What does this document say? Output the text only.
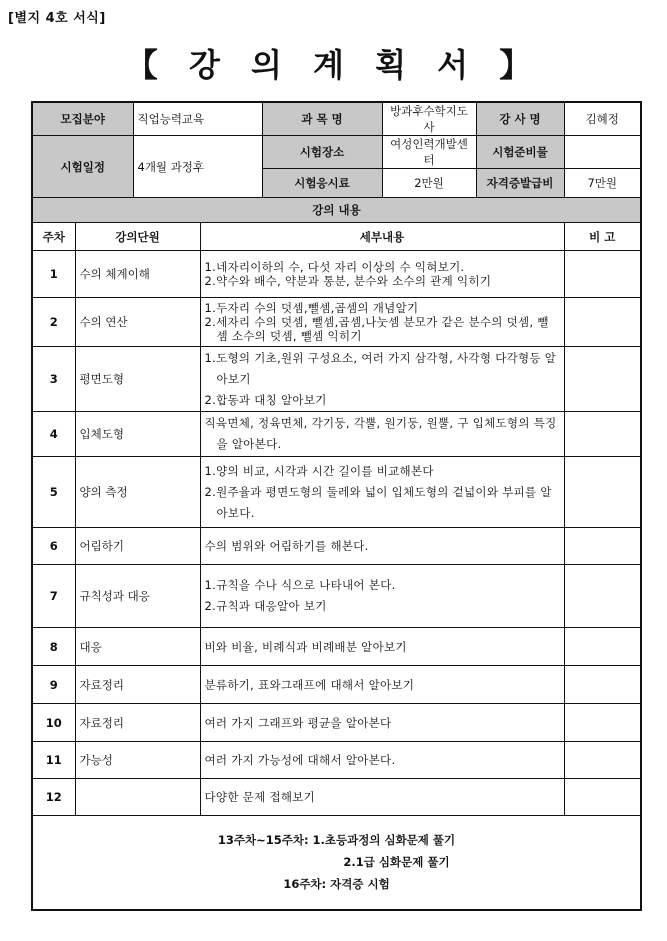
[별지 4호 서식]
【 강 의 계 획 서 】
모집분야		직업능력교육		과 목 명	방과후수학지도사	강 사 명	김혜정
시험일정		4개월 과정후		시험장소	여성인력개발센터	시험준비물	
				시험응시료	2만원	자격증발급비	7만원
강의 내용							
주차	강의단원		세부내용				비 고
1	수의 체계이해		1.네자리이하의 수, 다섯 자리 이상의 수 익혀보기.

2.약수와 배수, 약분과 통분, 분수와 소수의 관계 익히기				

2	수의 연산		1.두자리 수의 덧셈,뺄셈,곱셈의 개념알기

2.세자리 수의 덧셈, 뺄셈,곱셈,나눗셈 분모가 같은 분수의 덧셈, 뺄셈 소수의 덧셈, 뺄셈 익히기				

3	평면도형		1.도형의 기초,원위 구성요소, 여러 가지 삼각형, 사각형 다각형등 알아보기

2.합동과 대칭 알아보기				

4	입체도형		직육면체, 정육면체, 각기둥, 각뿔, 원기둥, 원뿔, 구 입체도형의 특징을 알아본다.				

5	양의 측정		1.양의 비교, 시각과 시간 길이를 비교해본다

2.원주율과 평면도형의 둘레와 넓이 입체도형의 겉넓이와 부피를 알아보다.				

6	어림하기		수의 범위와 어림하기를 해본다.				
7	규칙성과 대응		1.규칙을 수나 식으로 나타내어 본다.

2.규칙과 대응알아 보기				

8	대응		비와 비율, 비례식과 비례배분 알아보기				
9	자료정리		분류하기, 표와그래프에 대해서 알아보기				
10	자료정리		여러 가지 그래프와 평균을 알아본다				
11	가능성		여러 가지 가능성에 대해서 알아본다.				
12			다양한 문제 접해보기				

13주차~15주차: 1.초등과정의 심화문제 풀기
2.1급 심화문제 풀기
16주차: 자격증 시험							
